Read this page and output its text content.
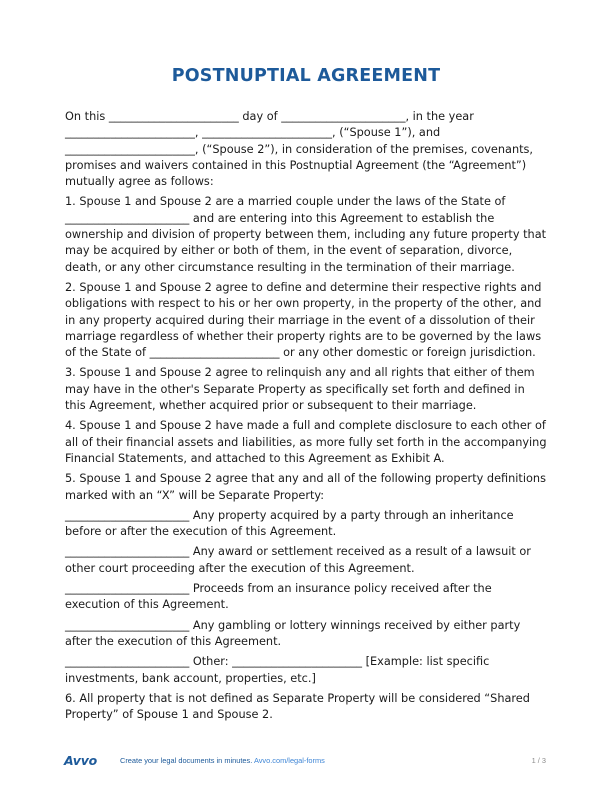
POSTNUPTIAL AGREEMENT

On this _______________________ day of ______________________, in the year _______________________, _______________________, (“Spouse 1”), and _______________________, (“Spouse 2”), in consideration of the premises, covenants, promises and waivers contained in this Postnuptial Agreement (the “Agreement”) mutually agree as follows:

1. Spouse 1 and Spouse 2 are a married couple under the laws of the State of ______________________ and are entering into this Agreement to establish the ownership and division of property between them, including any future property that may be acquired by either or both of them, in the event of separation, divorce, death, or any other circumstance resulting in the termination of their marriage.

2. Spouse 1 and Spouse 2 agree to define and determine their respective rights and obligations with respect to his or her own property, in the property of the other, and in any property acquired during their marriage in the event of a dissolution of their marriage regardless of whether their property rights are to be governed by the laws of the State of _______________________ or any other domestic or foreign jurisdiction.

3. Spouse 1 and Spouse 2 agree to relinquish any and all rights that either of them may have in the other's Separate Property as specifically set forth and defined in this Agreement, whether acquired prior or subsequent to their marriage.

4. Spouse 1 and Spouse 2 have made a full and complete disclosure to each other of all of their financial assets and liabilities, as more fully set forth in the accompanying Financial Statements, and attached to this Agreement as Exhibit A.

5. Spouse 1 and Spouse 2 agree that any and all of the following property definitions marked with an “X” will be Separate Property:

______________________ Any property acquired by a party through an inheritance before or after the execution of this Agreement.

______________________ Any award or settlement received as a result of a lawsuit or other court proceeding after the execution of this Agreement.

______________________ Proceeds from an insurance policy received after the execution of this Agreement.

______________________ Any gambling or lottery winnings received by either party after the execution of this Agreement.

______________________ Other: _______________________ [Example: list specific investments, bank account, properties, etc.]

6. All property that is not defined as Separate Property will be considered “Shared Property” of Spouse 1 and Spouse 2.

Avvo	Create your legal documents in minutes. Avvo.com/legal-forms	1 / 3
